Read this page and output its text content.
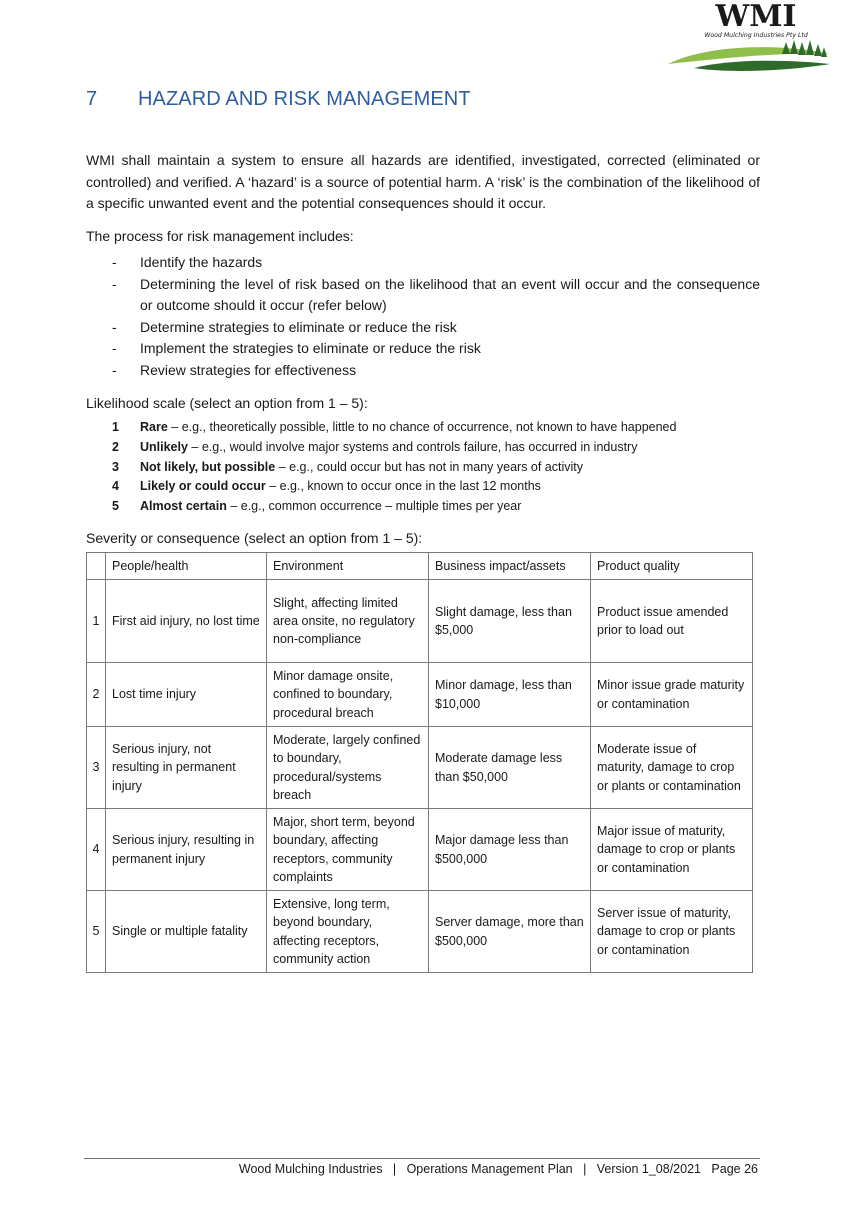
WMI
Wood Mulching Industries Pty Ltd
7 HAZARD AND RISK MANAGEMENT
WMI shall maintain a system to ensure all hazards are identified, investigated, corrected (eliminated or controlled) and verified. A ‘hazard’ is a source of potential harm. A ‘risk’ is the combination of the likelihood of a specific unwanted event and the potential consequences should it occur.
The process for risk management includes:
- Identify the hazards
- Determining the level of risk based on the likelihood that an event will occur and the consequence or outcome should it occur (refer below)
- Determine strategies to eliminate or reduce the risk
- Implement the strategies to eliminate or reduce the risk
- Review strategies for effectiveness
Likelihood scale (select an option from 1 – 5):
1 Rare – e.g., theoretically possible, little to no chance of occurrence, not known to have happened
2 Unlikely – e.g., would involve major systems and controls failure, has occurred in industry
3 Not likely, but possible – e.g., could occur but has not in many years of activity
4 Likely or could occur – e.g., known to occur once in the last 12 months
5 Almost certain – e.g., common occurrence – multiple times per year
Severity or consequence (select an option from 1 – 5):
	People/health	Environment	Business impact/assets	Product quality
1	First aid injury, no lost time	Slight, affecting limited area onsite, no regulatory non-compliance	Slight damage, less than $5,000	Product issue amended prior to load out
2	Lost time injury	Minor damage onsite, confined to boundary, procedural breach	Minor damage, less than $10,000	Minor issue grade maturity or contamination
3	Serious injury, not resulting in permanent injury	Moderate, largely confined to boundary, procedural/systems breach	Moderate damage less than $50,000	Moderate issue of maturity, damage to crop or plants or contamination
4	Serious injury, resulting in permanent injury	Major, short term, beyond boundary, affecting receptors, community complaints	Major damage less than $500,000	Major issue of maturity, damage to crop or plants or contamination
5	Single or multiple fatality	Extensive, long term, beyond boundary, affecting receptors, community action	Server damage, more than $500,000	Server issue of maturity, damage to crop or plants or contamination
Wood Mulching Industries | Operations Management Plan | Version 1_08/2021 Page 26
